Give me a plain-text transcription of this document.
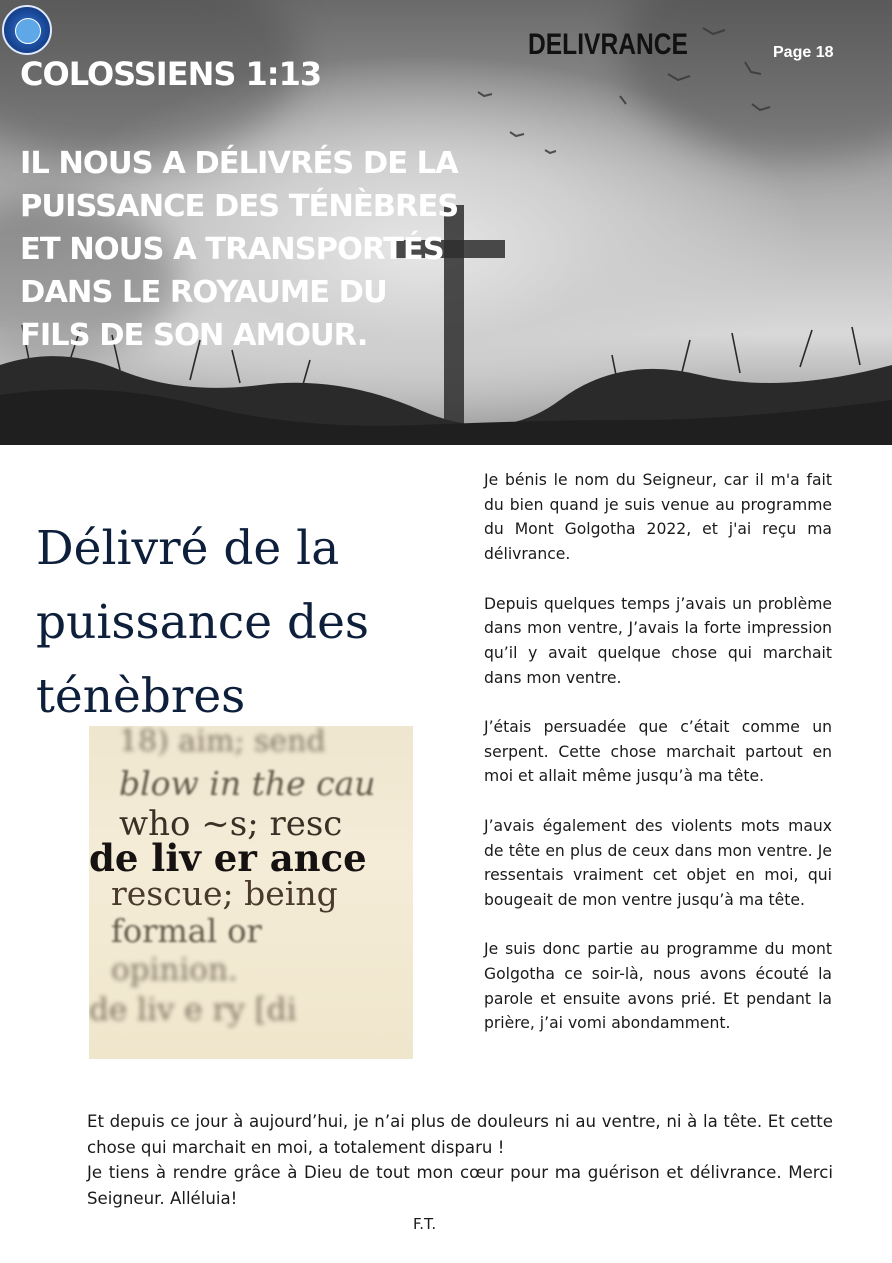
DELIVRANCE	Page 18
COLOSSIENS 1:13
IL NOUS A DÉLIVRÉS DE LA
PUISSANCE DES TÉNÈBRES
ET NOUS A TRANSPORTÉS
DANS LE ROYAUME DU
FILS DE SON AMOUR.
Délivré de la
puissance des
ténèbres
18) aim; send
blow in the cau
who ~s; resc
de liv er ance
rescue; being
formal or
opinion.
de liv e ry [di

Je bénis le nom du Seigneur, car il m'a fait du bien quand je suis venue au programme du Mont Golgotha 2022, et j'ai reçu ma délivrance.

Depuis quelques temps j’avais un problème dans mon ventre, J’avais la forte impression qu’il y avait quelque chose qui marchait dans mon ventre.

J’étais persuadée que c’était comme un serpent. Cette chose marchait partout en moi et allait même jusqu’à ma tête.

J’avais également des violents mots maux de tête en plus de ceux dans mon ventre. Je ressentais vraiment cet objet en moi, qui bougeait de mon ventre jusqu’à ma tête.

Je suis donc partie au programme du mont Golgotha ce soir-là, nous avons écouté la parole et ensuite avons prié. Et pendant la prière, j’ai vomi abondamment.

Et depuis ce jour à aujourd’hui, je n’ai plus de douleurs ni au ventre, ni à la tête. Et cette chose qui marchait en moi, a totalement disparu !

Je tiens à rendre grâce à Dieu de tout mon cœur pour ma guérison et délivrance. Merci Seigneur. Alléluia!

F.T.
